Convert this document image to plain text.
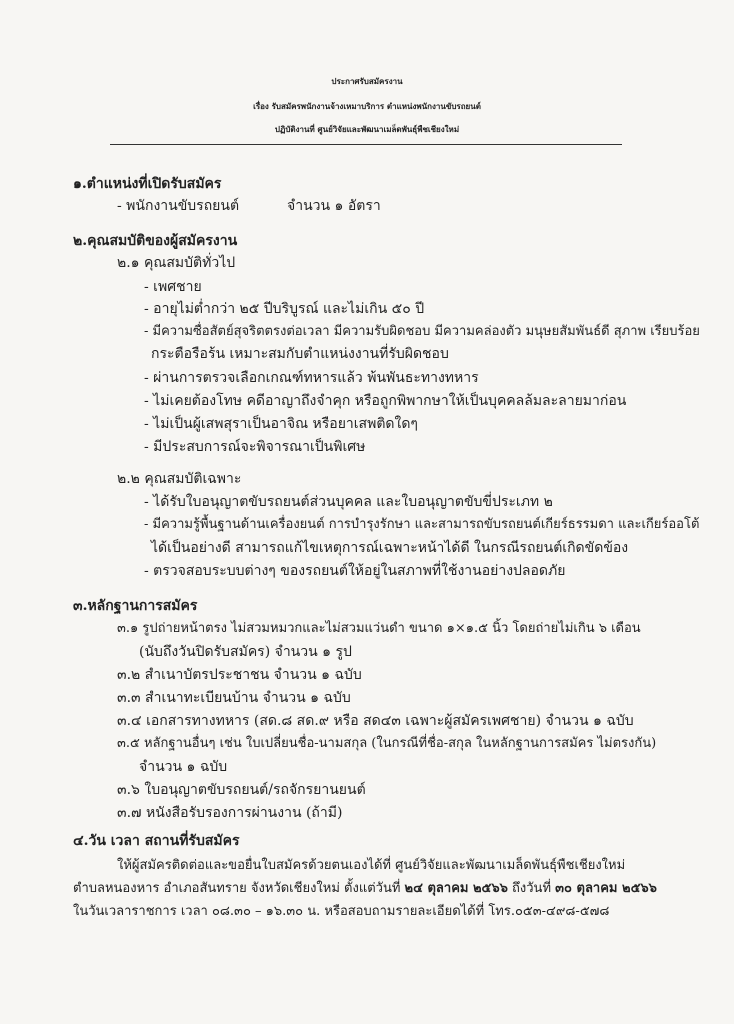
ประกาศรับสมัครงาน
เรื่อง รับสมัครพนักงานจ้างเหมาบริการ ตำแหน่งพนักงานขับรถยนต์
ปฏิบัติงานที่ ศูนย์วิจัยและพัฒนาเมล็ดพันธุ์พืชเชียงใหม่
๑.ตำแหน่งที่เปิดรับสมัคร
- พนักงานขับรถยนต์	จำนวน ๑ อัตรา
๒.คุณสมบัติของผู้สมัครงาน
๒.๑ คุณสมบัติทั่วไป
- เพศชาย
- อายุไม่ต่ำกว่า ๒๕ ปีบริบูรณ์ และไม่เกิน ๕๐ ปี
- มีความซื่อสัตย์สุจริตตรงต่อเวลา มีความรับผิดชอบ มีความคล่องตัว มนุษยสัมพันธ์ดี สุภาพ เรียบร้อย
กระตือรือร้น เหมาะสมกับตำแหน่งงานที่รับผิดชอบ
- ผ่านการตรวจเลือกเกณฑ์ทหารแล้ว พ้นพันธะทางทหาร
- ไม่เคยต้องโทษ คดีอาญาถึงจำคุก หรือถูกพิพากษาให้เป็นบุคคลล้มละลายมาก่อน
- ไม่เป็นผู้เสพสุราเป็นอาจิณ หรือยาเสพติดใดๆ
- มีประสบการณ์จะพิจารณาเป็นพิเศษ
๒.๒ คุณสมบัติเฉพาะ
- ได้รับใบอนุญาตขับรถยนต์ส่วนบุคคล และใบอนุญาตขับขี่ประเภท ๒
- มีความรู้พื้นฐานด้านเครื่องยนต์ การบำรุงรักษา และสามารถขับรถยนต์เกียร์ธรรมดา และเกียร์ออโต้
ได้เป็นอย่างดี สามารถแก้ไขเหตุการณ์เฉพาะหน้าได้ดี ในกรณีรถยนต์เกิดขัดข้อง
- ตรวจสอบระบบต่างๆ ของรถยนต์ให้อยู่ในสภาพที่ใช้งานอย่างปลอดภัย
๓.หลักฐานการสมัคร
๓.๑ รูปถ่ายหน้าตรง ไม่สวมหมวกและไม่สวมแว่นดำ ขนาด ๑×๑.๕ นิ้ว โดยถ่ายไม่เกิน ๖ เดือน
(นับถึงวันปิดรับสมัคร) จำนวน ๑ รูป
๓.๒ สำเนาบัตรประชาชน จำนวน ๑ ฉบับ
๓.๓ สำเนาทะเบียนบ้าน จำนวน ๑ ฉบับ
๓.๔ เอกสารทางทหาร (สด.๘ สด.๙ หรือ สด๔๓ เฉพาะผู้สมัครเพศชาย) จำนวน ๑ ฉบับ
๓.๕ หลักฐานอื่นๆ เช่น ใบเปลี่ยนชื่อ-นามสกุล (ในกรณีที่ชื่อ-สกุล ในหลักฐานการสมัคร ไม่ตรงกัน)
จำนวน ๑ ฉบับ
๓.๖ ใบอนุญาตขับรถยนต์/รถจักรยานยนต์
๓.๗ หนังสือรับรองการผ่านงาน (ถ้ามี)
๔.วัน เวลา สถานที่รับสมัคร
ให้ผู้สมัครติดต่อและขอยื่นใบสมัครด้วยตนเองได้ที่ ศูนย์วิจัยและพัฒนาเมล็ดพันธุ์พืชเชียงใหม่
ตำบลหนองหาร อำเภอสันทราย จังหวัดเชียงใหม่ ตั้งแต่วันที่ ๒๔ ตุลาคม ๒๕๖๖ ถึงวันที่ ๓๐ ตุลาคม ๒๕๖๖
ในวันเวลาราชการ เวลา ๐๘.๓๐ – ๑๖.๓๐ น. หรือสอบถามรายละเอียดได้ที่ โทร.๐๕๓-๔๙๘-๕๗๘
